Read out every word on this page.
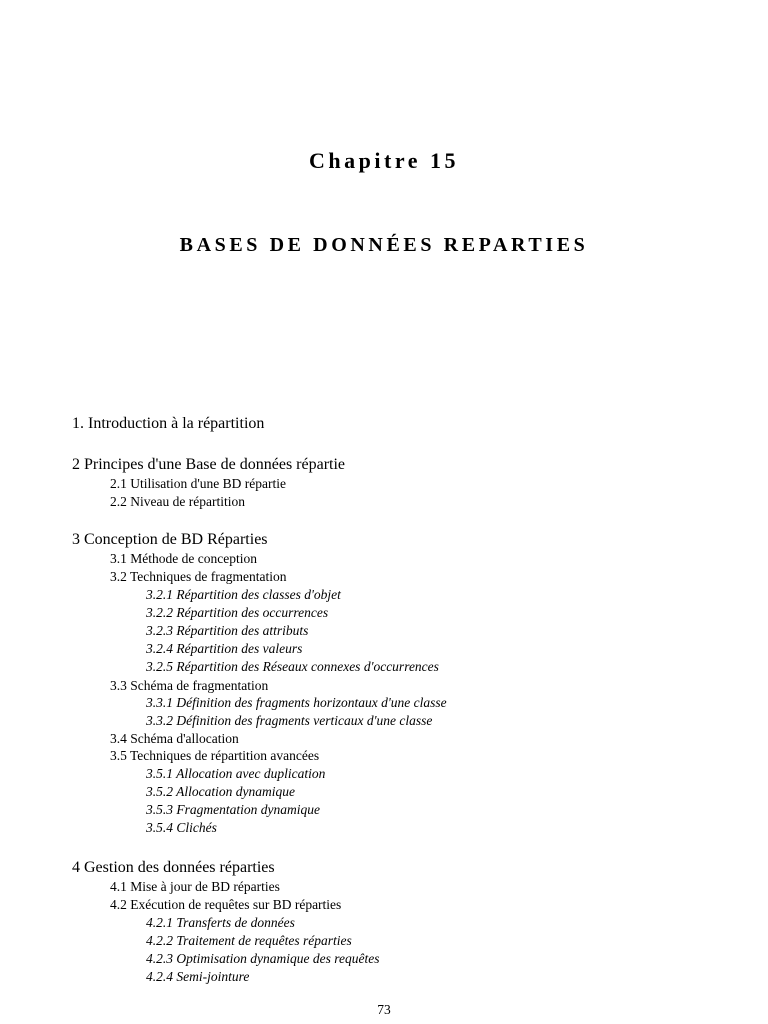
Chapitre 15
BASES DE DONNÉES REPARTIES
1. Introduction à la répartition
2 Principes d'une Base de données répartie
2.1 Utilisation d'une BD répartie
2.2 Niveau de répartition
3 Conception de BD Réparties
3.1 Méthode de conception
3.2 Techniques de fragmentation
3.2.1 Répartition des classes d'objet
3.2.2 Répartition des occurrences
3.2.3 Répartition des attributs
3.2.4 Répartition des valeurs
3.2.5 Répartition des Réseaux connexes d'occurrences
3.3 Schéma de fragmentation
3.3.1 Définition des fragments horizontaux d'une classe
3.3.2 Définition des fragments verticaux d'une classe
3.4 Schéma d'allocation
3.5 Techniques de répartition avancées
3.5.1 Allocation avec duplication
3.5.2 Allocation dynamique
3.5.3 Fragmentation dynamique
3.5.4 Clichés
4 Gestion des données réparties
4.1 Mise à jour de BD réparties
4.2 Exécution de requêtes sur BD réparties
4.2.1 Transferts de données
4.2.2 Traitement de requêtes réparties
4.2.3 Optimisation dynamique des requêtes
4.2.4 Semi-jointure
73
